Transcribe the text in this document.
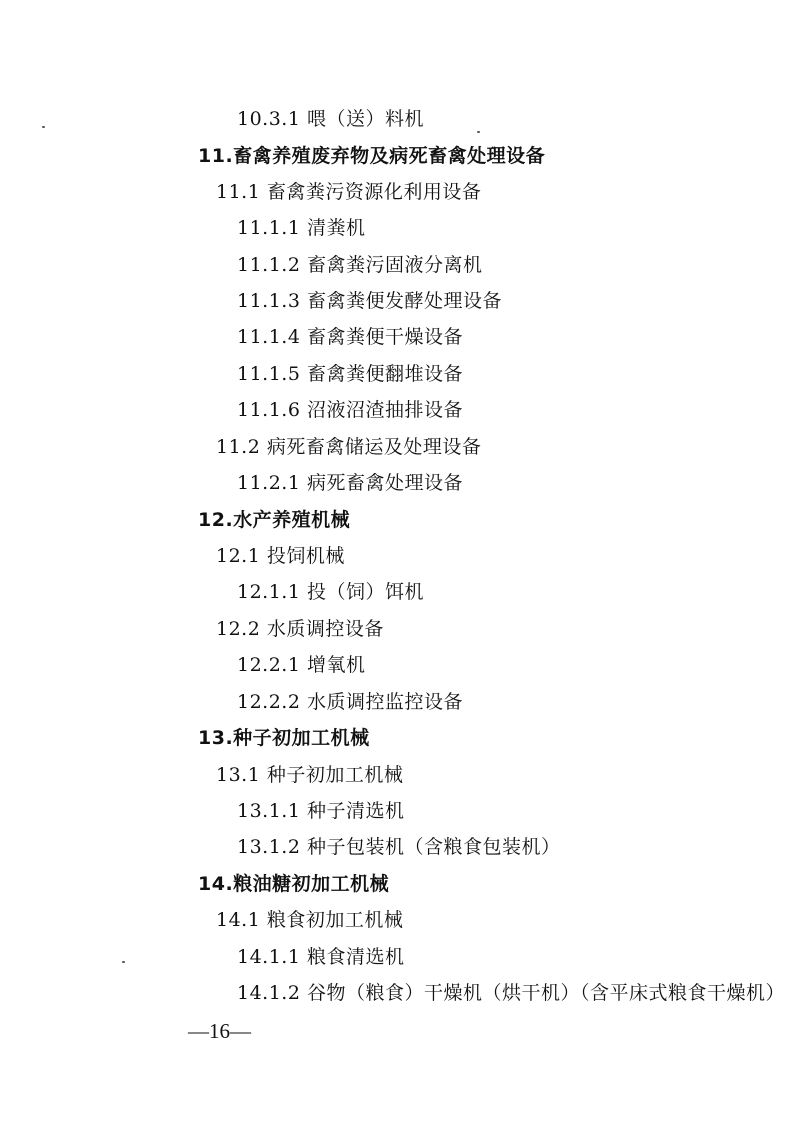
10.3.1 喂（送）料机
11.畜禽养殖废弃物及病死畜禽处理设备
11.1 畜禽粪污资源化利用设备
11.1.1 清粪机
11.1.2 畜禽粪污固液分离机
11.1.3 畜禽粪便发酵处理设备
11.1.4 畜禽粪便干燥设备
11.1.5 畜禽粪便翻堆设备
11.1.6 沼液沼渣抽排设备
11.2 病死畜禽储运及处理设备
11.2.1 病死畜禽处理设备
12.水产养殖机械
12.1 投饲机械
12.1.1 投（饲）饵机
12.2 水质调控设备
12.2.1 增氧机
12.2.2 水质调控监控设备
13.种子初加工机械
13.1 种子初加工机械
13.1.1 种子清选机
13.1.2 种子包装机（含粮食包装机）
14.粮油糖初加工机械
14.1 粮食初加工机械
14.1.1 粮食清选机
14.1.2 谷物（粮食）干燥机（烘干机）（含平床式粮食干燥机）
—16—
